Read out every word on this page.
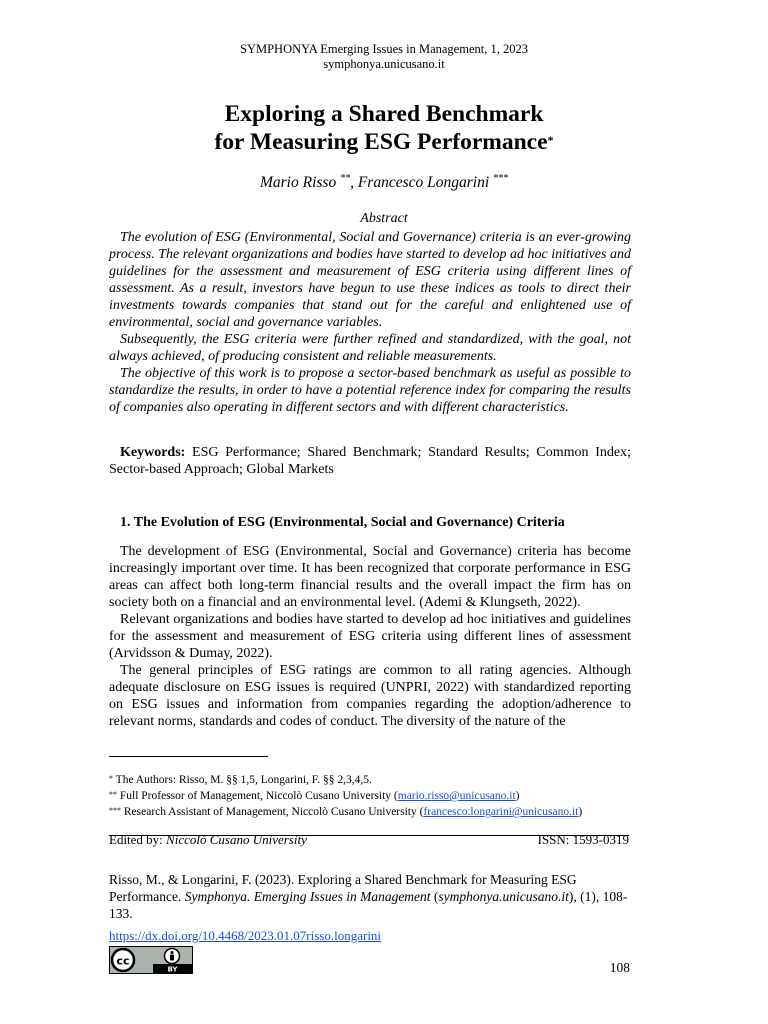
SYMPHONYA Emerging Issues in Management, 1, 2023
symphonya.unicusano.it
Exploring a Shared Benchmark
for Measuring ESG Performance*
Mario Risso **, Francesco Longarini ***
Abstract

The evolution of ESG (Environmental, Social and Governance) criteria is an ever-growing process. The relevant organizations and bodies have started to develop ad hoc initiatives and guidelines for the assessment and measurement of ESG criteria using different lines of assessment. As a result, investors have begun to use these indices as tools to direct their investments towards companies that stand out for the careful and enlightened use of environmental, social and governance variables.

Subsequently, the ESG criteria were further refined and standardized, with the goal, not always achieved, of producing consistent and reliable measurements.

The objective of this work is to propose a sector-based benchmark as useful as possible to standardize the results, in order to have a potential reference index for comparing the results of companies also operating in different sectors and with different characteristics.

Keywords: ESG Performance; Shared Benchmark; Standard Results; Common Index; Sector-based Approach; Global Markets

1. The Evolution of ESG (Environmental, Social and Governance) Criteria

The development of ESG (Environmental, Social and Governance) criteria has become increasingly important over time. It has been recognized that corporate performance in ESG areas can affect both long-term financial results and the overall impact the firm has on society both on a financial and an environmental level. (Ademi & Klungseth, 2022).

Relevant organizations and bodies have started to develop ad hoc initiatives and guidelines for the assessment and measurement of ESG criteria using different lines of assessment (Arvidsson & Dumay, 2022).

The general principles of ESG ratings are common to all rating agencies. Although adequate disclosure on ESG issues is required (UNPRI, 2022) with standardized reporting on ESG issues and information from companies regarding the adoption/adherence to relevant norms, standards and codes of conduct. The diversity of the nature of the

* The Authors: Risso, M. §§ 1,5, Longarini, F. §§ 2,3,4,5.
** Full Professor of Management, Niccolò Cusano University (mario.risso@unicusano.it)
*** Research Assistant of Management, Niccolò Cusano University (francesco.longarini@unicusano.it)
Edited by: Niccolò Cusano University	ISSN: 1593-0319
Risso, M., & Longarini, F. (2023). Exploring a Shared Benchmark for Measuring ESG Performance. Symphonya. Emerging Issues in Management (symphonya.unicusano.it), (1), 108-133.
https://dx.doi.org/10.4468/2023.01.07risso.longarini
cc
BY	108
